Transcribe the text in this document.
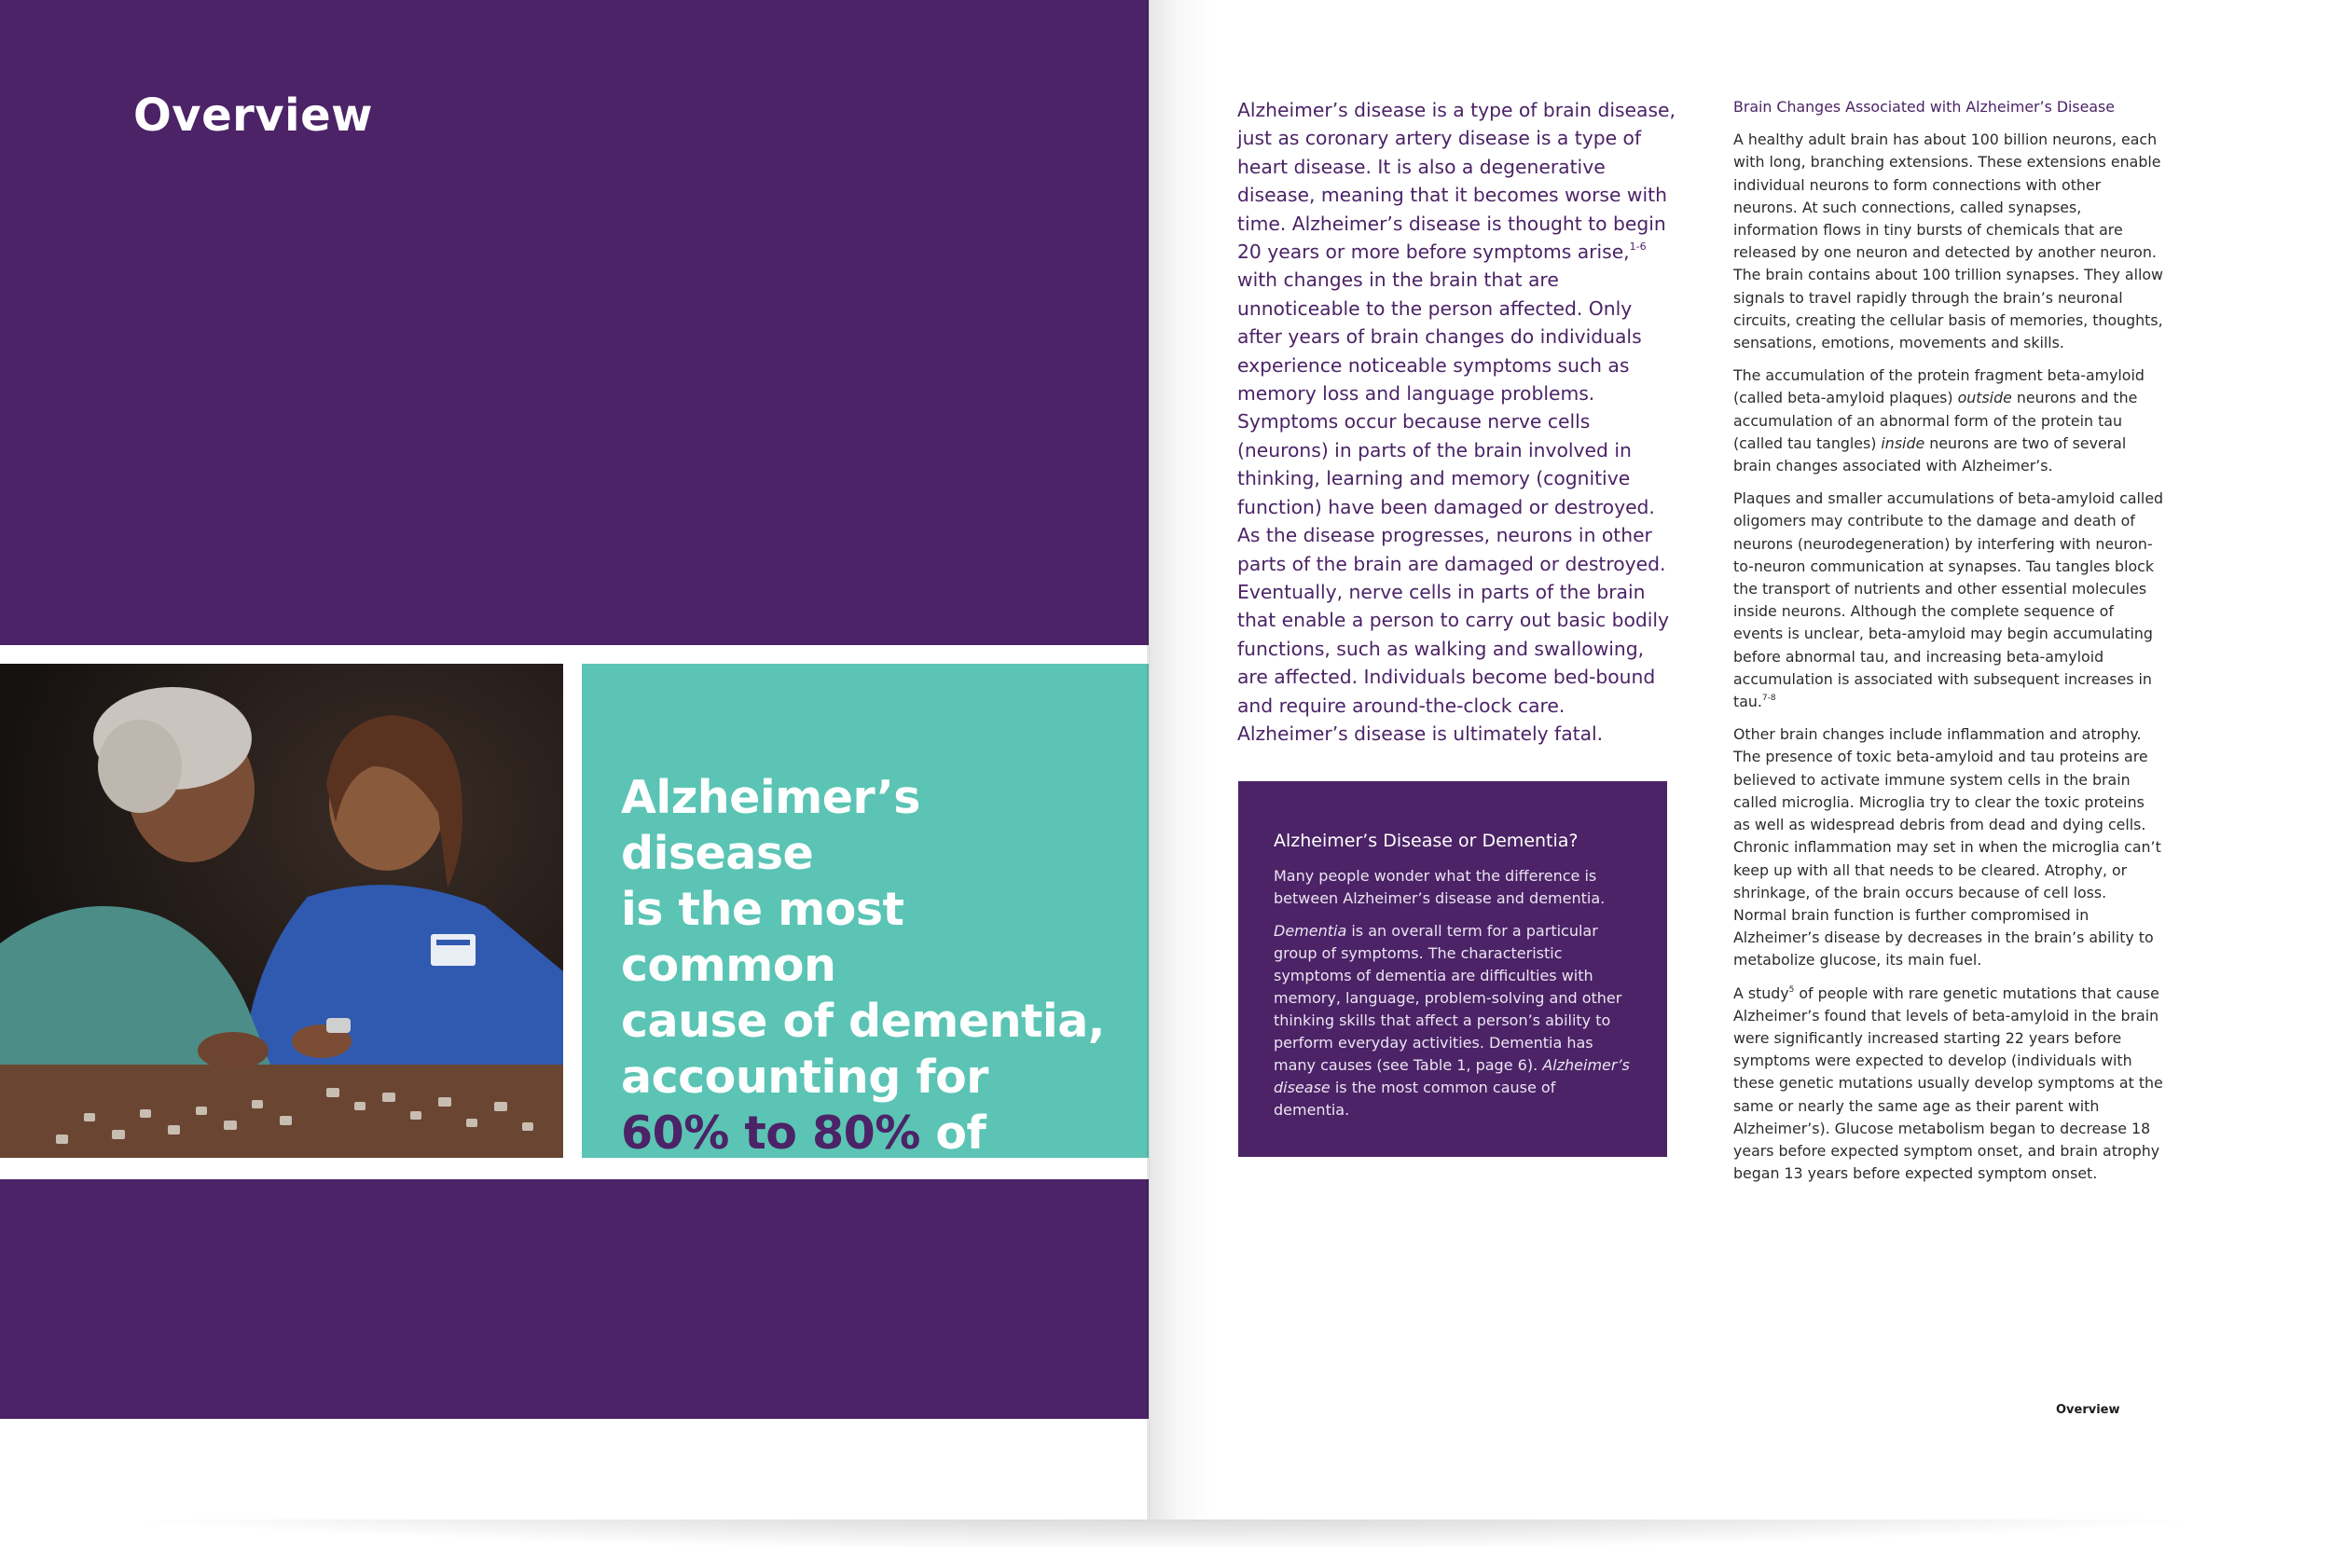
Overview

Alzheimer’s disease
is the most common
cause of dementia,
accounting for
60% to 80% of

Alzheimer’s disease is a type of brain disease, just as coronary artery disease is a type of heart disease. It is also a degenerative disease, meaning that it becomes worse with time. Alzheimer’s disease is thought to begin 20 years or more before symptoms arise,$^{1-6}$ with changes in the brain that are unnoticeable to the person affected. Only after years of brain changes do individuals experience noticeable symptoms such as memory loss and language problems. Symptoms occur because nerve cells (neurons) in parts of the brain involved in thinking, learning and memory (cognitive function) have been damaged or destroyed. As the disease progresses, neurons in other parts of the brain are damaged or destroyed. Eventually, nerve cells in parts of the brain that enable a person to carry out basic bodily functions, such as walking and swallowing, are affected. Individuals become bed-bound and require around-the-clock care. Alzheimer’s disease is ultimately fatal.

Alzheimer’s Disease or Dementia?

Many people wonder what the difference is between Alzheimer’s disease and dementia.

Dementia is an overall term for a particular group of symptoms. The characteristic symptoms of dementia are difficulties with memory, language, problem-solving and other thinking skills that affect a person’s ability to perform everyday activities. Dementia has many causes (see Table 1, page 6). Alzheimer’s disease is the most common cause of dementia.

Brain Changes Associated with Alzheimer’s Disease

A healthy adult brain has about 100 billion neurons, each with long, branching extensions. These extensions enable individual neurons to form connections with other neurons. At such connections, called synapses, information flows in tiny bursts of chemicals that are released by one neuron and detected by another neuron. The brain contains about 100 trillion synapses. They allow signals to travel rapidly through the brain’s neuronal circuits, creating the cellular basis of memories, thoughts, sensations, emotions, movements and skills.

The accumulation of the protein fragment beta-amyloid (called beta-amyloid plaques) outside neurons and the accumulation of an abnormal form of the protein tau (called tau tangles) inside neurons are two of several brain changes associated with Alzheimer’s.

Plaques and smaller accumulations of beta-amyloid called oligomers may contribute to the damage and death of neurons (neurodegeneration) by interfering with neuron-to-neuron communication at synapses. Tau tangles block the transport of nutrients and other essential molecules inside neurons. Although the complete sequence of events is unclear, beta-amyloid may begin accumulating before abnormal tau, and increasing beta-amyloid accumulation is associated with subsequent increases in tau.$^{7-8}$

Other brain changes include inflammation and atrophy. The presence of toxic beta-amyloid and tau proteins are believed to activate immune system cells in the brain called microglia. Microglia try to clear the toxic proteins as well as widespread debris from dead and dying cells. Chronic inflammation may set in when the microglia can’t keep up with all that needs to be cleared. Atrophy, or shrinkage, of the brain occurs because of cell loss. Normal brain function is further compromised in Alzheimer’s disease by decreases in the brain’s ability to metabolize glucose, its main fuel.

A study$^5$ of people with rare genetic mutations that cause Alzheimer’s found that levels of beta-amyloid in the brain were significantly increased starting 22 years before symptoms were expected to develop (individuals with these genetic mutations usually develop symptoms at the same or nearly the same age as their parent with Alzheimer’s). Glucose metabolism began to decrease 18 years before expected symptom onset, and brain atrophy began 13 years before expected symptom onset.

Overview
